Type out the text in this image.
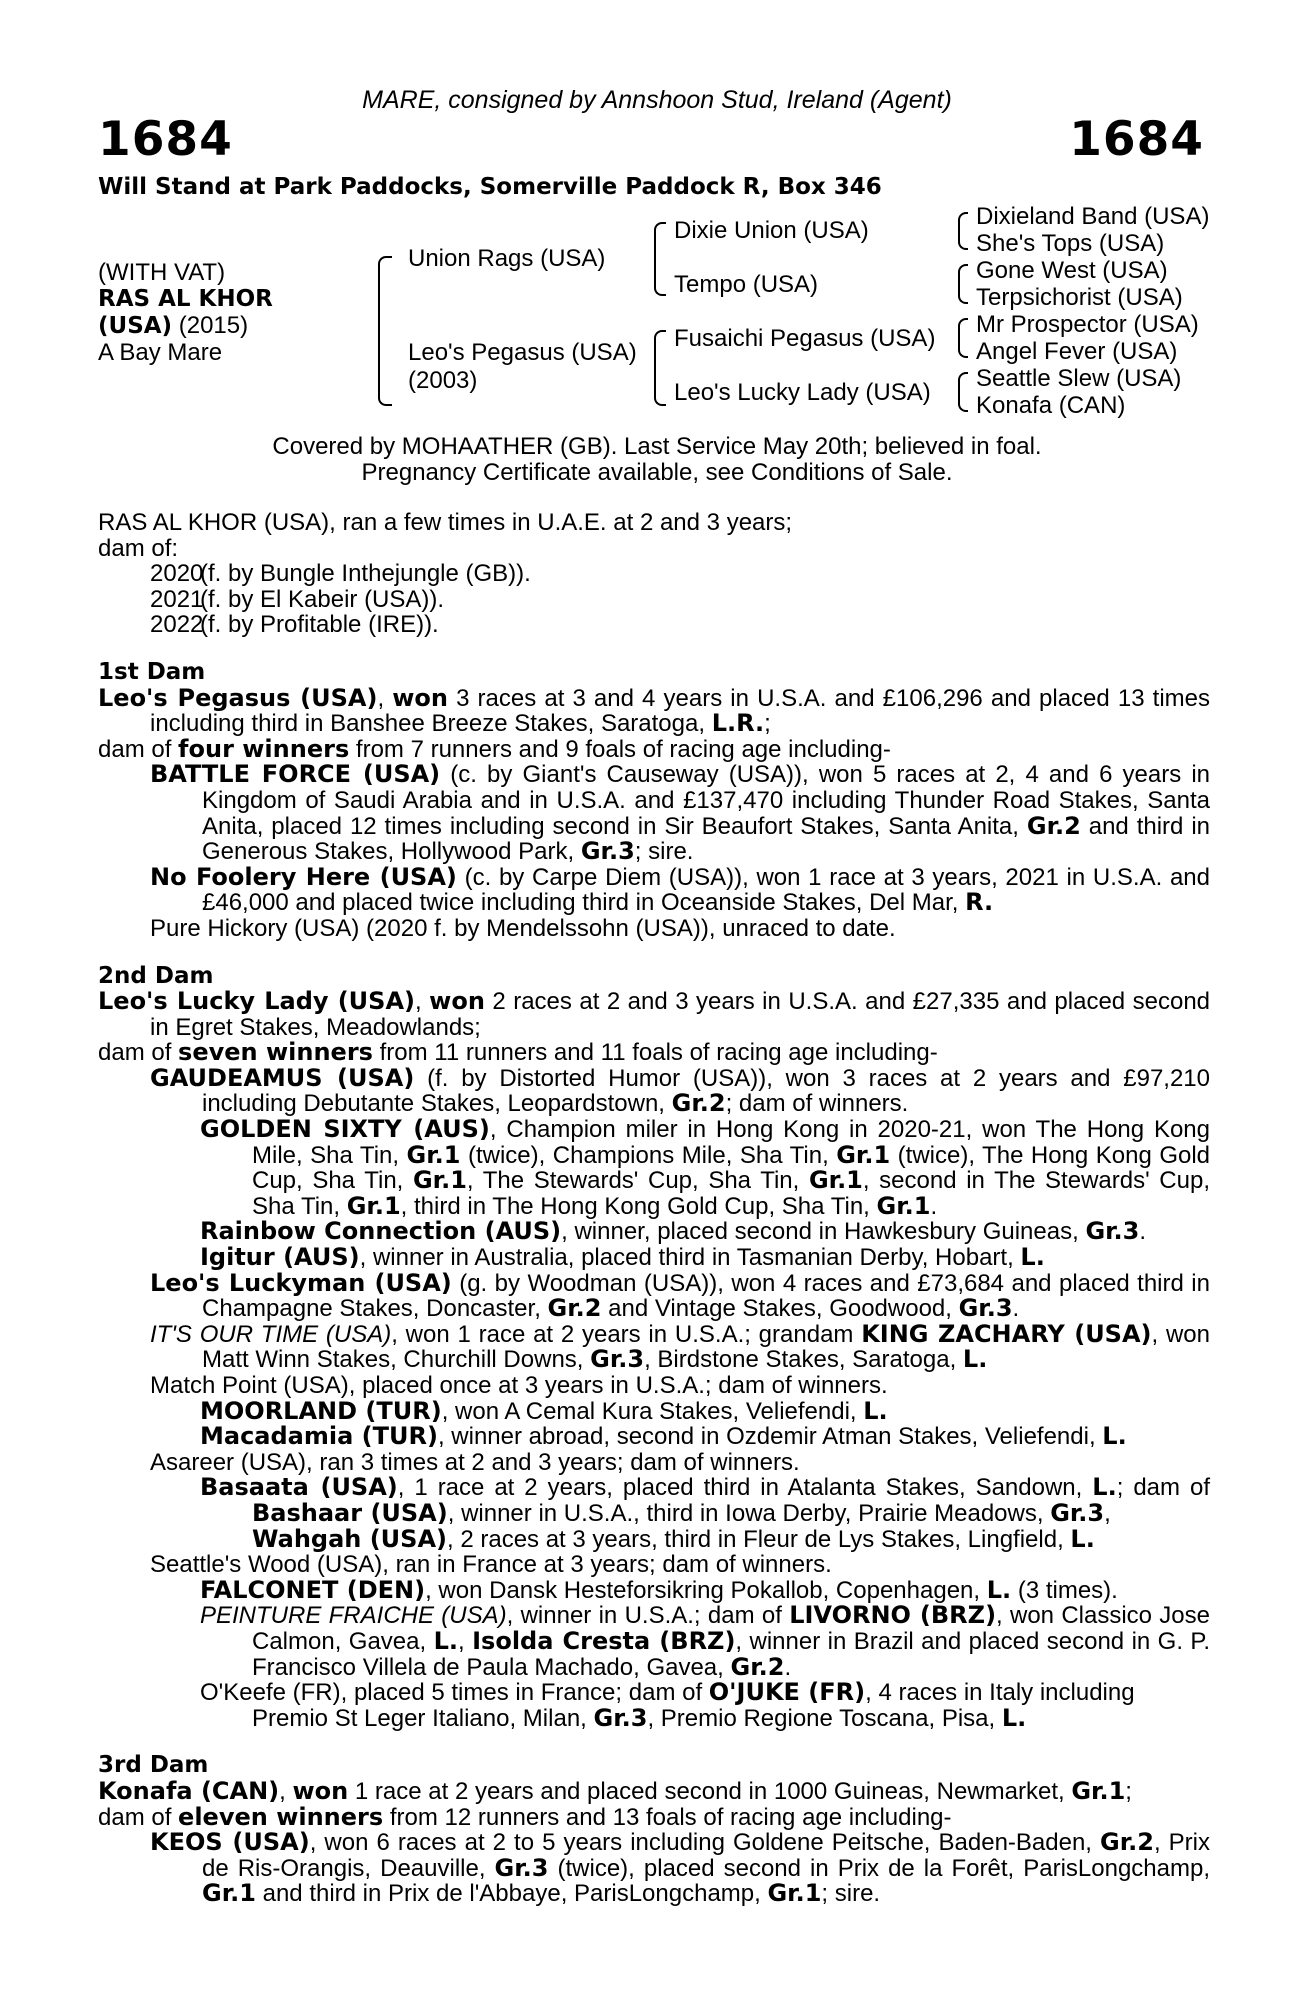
MARE, consigned by Annshoon Stud, Ireland (Agent)
1684	1684
Will Stand at Park Paddocks, Somerville Paddock R, Box 346
(WITH VAT)
RAS AL KHOR
(USA) (2015)
A Bay Mare
Union Rags (USA)
Leo's Pegasus (USA)
(2003)
Dixie Union (USA)
Tempo (USA)
Fusaichi Pegasus (USA)
Leo's Lucky Lady (USA)
Dixieland Band (USA)
She's Tops (USA)
Gone West (USA)
Terpsichorist (USA)
Mr Prospector (USA)
Angel Fever (USA)
Seattle Slew (USA)
Konafa (CAN)
Covered by MOHAATHER (GB). Last Service May 20th; believed in foal.
Pregnancy Certificate available, see Conditions of Sale.

RAS AL KHOR (USA), ran a few times in U.A.E. at 2 and 3 years;

dam of:

2020
(f. by Bungle Inthejungle (GB)).
2021
(f. by El Kabeir (USA)).
2022
(f. by Profitable (IRE)).
1st Dam

Leo's Pegasus (USA), won 3 races at 3 and 4 years in U.S.A. and £106,296 and placed 13 times including third in Banshee Breeze Stakes, Saratoga, L.R.;

dam of four winners from 7 runners and 9 foals of racing age including-

BATTLE FORCE (USA) (c. by Giant's Causeway (USA)), won 5 races at 2, 4 and 6 years in Kingdom of Saudi Arabia and in U.S.A. and £137,470 including Thunder Road Stakes, Santa Anita, placed 12 times including second in Sir Beaufort Stakes, Santa Anita, Gr.2 and third in Generous Stakes, Hollywood Park, Gr.3; sire.

No Foolery Here (USA) (c. by Carpe Diem (USA)), won 1 race at 3 years, 2021 in U.S.A. and £46,000 and placed twice including third in Oceanside Stakes, Del Mar, R.

Pure Hickory (USA) (2020 f. by Mendelssohn (USA)), unraced to date.

2nd Dam

Leo's Lucky Lady (USA), won 2 races at 2 and 3 years in U.S.A. and £27,335 and placed second in Egret Stakes, Meadowlands;

dam of seven winners from 11 runners and 11 foals of racing age including-

GAUDEAMUS (USA) (f. by Distorted Humor (USA)), won 3 races at 2 years and £97,210 including Debutante Stakes, Leopardstown, Gr.2; dam of winners.

GOLDEN SIXTY (AUS), Champion miler in Hong Kong in 2020-21, won The Hong Kong Mile, Sha Tin, Gr.1 (twice), Champions Mile, Sha Tin, Gr.1 (twice), The Hong Kong Gold Cup, Sha Tin, Gr.1, The Stewards' Cup, Sha Tin, Gr.1, second in The Stewards' Cup, Sha Tin, Gr.1, third in The Hong Kong Gold Cup, Sha Tin, Gr.1.

Rainbow Connection (AUS), winner, placed second in Hawkesbury Guineas, Gr.3.

Igitur (AUS), winner in Australia, placed third in Tasmanian Derby, Hobart, L.

Leo's Luckyman (USA) (g. by Woodman (USA)), won 4 races and £73,684 and placed third in Champagne Stakes, Doncaster, Gr.2 and Vintage Stakes, Goodwood, Gr.3.

IT'S OUR TIME (USA), won 1 race at 2 years in U.S.A.; grandam KING ZACHARY (USA), won Matt Winn Stakes, Churchill Downs, Gr.3, Birdstone Stakes, Saratoga, L.

Match Point (USA), placed once at 3 years in U.S.A.; dam of winners.

MOORLAND (TUR), won A Cemal Kura Stakes, Veliefendi, L.

Macadamia (TUR), winner abroad, second in Ozdemir Atman Stakes, Veliefendi, L.

Asareer (USA), ran 3 times at 2 and 3 years; dam of winners.

Basaata (USA), 1 race at 2 years, placed third in Atalanta Stakes, Sandown, L.; dam of Bashaar (USA), winner in U.S.A., third in Iowa Derby, Prairie Meadows, Gr.3,

Wahgah (USA), 2 races at 3 years, third in Fleur de Lys Stakes, Lingfield, L.

Seattle's Wood (USA), ran in France at 3 years; dam of winners.

FALCONET (DEN), won Dansk Hesteforsikring Pokallob, Copenhagen, L. (3 times).

PEINTURE FRAICHE (USA), winner in U.S.A.; dam of LIVORNO (BRZ), won Classico Jose Calmon, Gavea, L., Isolda Cresta (BRZ), winner in Brazil and placed second in G. P. Francisco Villela de Paula Machado, Gavea, Gr.2.

O'Keefe (FR), placed 5 times in France; dam of O'JUKE (FR), 4 races in Italy including Premio St Leger Italiano, Milan, Gr.3, Premio Regione Toscana, Pisa, L.

3rd Dam

Konafa (CAN), won 1 race at 2 years and placed second in 1000 Guineas, Newmarket, Gr.1;

dam of eleven winners from 12 runners and 13 foals of racing age including-

KEOS (USA), won 6 races at 2 to 5 years including Goldene Peitsche, Baden-Baden, Gr.2, Prix de Ris-Orangis, Deauville, Gr.3 (twice), placed second in Prix de la Forêt, ParisLongchamp, Gr.1 and third in Prix de l'Abbaye, ParisLongchamp, Gr.1; sire.
